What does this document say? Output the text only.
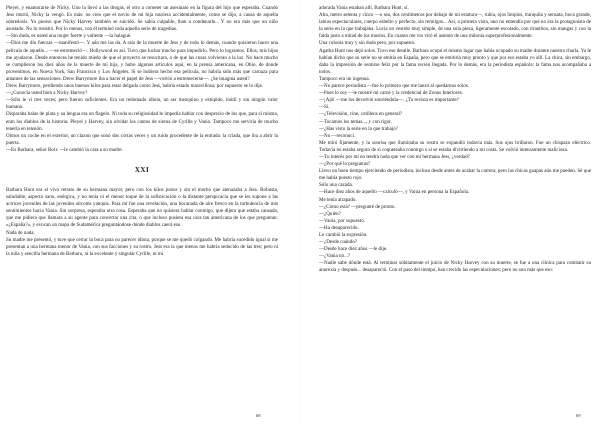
Pleyel, y enamorarse de Nicky. Uno la llevó a las drogas, el otro a cometer un asesinato en la figura del hijo que esperaba. Cuando Jess murió, Nicky la vengó. Es más: no creo que el novio de mi hija muriera accidentalmente, como se dijo, a causa de aquella sobredosis. Yo pienso que Nicky Harvey también se suicidó. Se sabía culpable, iban a condenarle... Y no era más que un niño asustado. No lo resistió. Por lo menos, con él terminó toda aquella serie de tragedias.

—Sin duda, es usted una mujer fuerte y valiente —la halagué.

—Dios me dio fuerzas —manifestó—. Y aún me las da. A raíz de la muerte de Jess y de todo lo demás, cuando quisieron hacer una película de aquello... —se estremeció—. Hollywood es así. Tuvo que luchar mucho para impedirlo. Pero lo logramos. Ellos, mis hijos me ayudaron. Desde entonces he tenido miedo de que el proyecto se resucitara, o de que las cosas volvieran a la luz. No hace mucho se cumplieron los diez años de la muerte de mi hija, y hubo algunos artículos aquí, en la prensa americana, en Ohio, de donde provenimos, en Nueva York, San Francisco y Los Ángeles. Si se hubiera hecho esa película, no habría sido más que carnaza para amantes de las sensaciones. Drew Barrymore iba a hacer el papel de Jess —volvió a estremecerse—. ¿Se imagina usted?

Drew Barrymore, perdiendo unos buenos kilos para estar delgada como Jess, habría estado maravillosa; por supuesto se lo dije.

—¿Conocía usted bien a Nicky Harvey?

—Sólo le vi tres veces; pero fueron suficientes. Era un redomado idiota, un ser mezquino y estúpido, inútil y sin ningún valor humano.

Disparaba balas de plata y su lengua era un flagelo. Ni toda su religiosidad le impedía hablar con desprecio de los que, para sí misma, eran los diablos de la historia: Pleyel y Harvey, sin olvidar los cantos de sirena de Cyrille y Vania. Tampoco me serviría de mucho tenerla en tensión.

Oímos un coche en el exterior, un claxon que sonó dos cortas veces y un ruido procedente de la entrada: la criada, que iba a abrir la puerta.

—Es Barbara, señor Boix —le cambió la cara a su madre.

XXI

Barbara Hunt era el vivo retrato de su hermana mayor, pero con los kilos justos y sin el morbo que atenazaba a Jess. Robusta, saludable, aspecto sano, enérgica, y no tenía ni el menor toque de la sofisticación o la distante perspicacia que se les supone a las actrices juveniles de las juveniles sitcoms yanquis. Para mí fue una revelación, una bocanada de aire fresco en la turbulencia de mis sentimientos hacia Vania. Sin sorpresa, esperaba otra cosa. Esperaba que no quisiera hablar conmigo, que dijera que estaba cansada, que me pidiera que llamara a su agente para concertar una cita, o que incluso pusiera esa cara tan americana de los que preguntan: «¿España?», y evocan un mapa de Sudamérica preguntándose dónde diablos caerá eso.

Nada de nada.

Su madre me presentó, y tuve que cerrar la boca para no parecer idiota, porque se me quedó colgando. Me habría sucedido igual si me presentan a una hermana menor de Vania, con sus facciones y su rostro. Jess era la que menos me habría seducido de las tres; pero ni la niña y sencilla hermana de Barbara, ni la excelente y singular Cyrille, ni mi

68

adorada Vania estaban allí. Barbara Hunt, sí.

Alta, metro setenta y cinco —o sea, dos centímetros por debajo de mi estatura—, rubia, ojos limpios, tranquila y sensata, boca grande, labios espectaculares, cuerpo esbelto y perfecto, sin remilgos... Así, a primera vista, uno no entendía por qué no era la protagonista de la serie en la que trabajaba. Lucía un vestido muy simple, de una sola pieza, ligeramente escotado, con tirantitos, sin mangas y con la falda justo a mitad de los muslos. En cuanto me vio viró el asiento de una milonia superprofesionalmente.

Una colonia muy y sin duda pero, por supuesto.

Agatha Hunt nos dejó solos. Tuvo ese detalle. Barbara ocupó el mismo lugar que había ocupado su madre durante nuestra charla. Ya le habían dicho que su serie no se emitía en España, pero que se emitiría muy pronto y que por eso estaba yo allí. La chica, sin embargo, daba la impresión de sentirse feliz por la fama recién llegada. Por lo demás, era la periodista española: la fama nos acompañaba a todos.

Tampoco era un ingenua.

—No parece periodista —fue lo primero que me lanzó al quedarnos solos.

—Pues lo soy —le mostré mi carné y la credencial de Zonas Interiores.

—¡Ajá! —me los devolvió sonriéndola—. ¿Tu revista es importante?

—Sí.

—¿Televisión, cine, cotilleos en general?

—Tocamos los temas..., y con rigor.

—¿Has visto la serie en la que trabajo?

—No —reconocí.

Me miró fijamente, y la sonrisa que iluminaba su rostro se expandió todavía más. Sus ojos brillaron. Fue un chispazo eléctrico. Todavía no estaba seguro de si coqueteaba conmigo o si se estaba divirtiendo a mi costa. Se volvió intensamente maliciosa.

—Tu interés por mí no tendrá nada que ver con mi hermana Jess, ¿verdad?

—¿Por qué lo preguntas?

Llevo un buen tiempo ejerciendo de periodista, incluso desde antes de acabar la carrera; pero las chicas guapas aún me pueden. Sé que me había puesto rojo.

Sólo una cazada.

—Hace diez años de aquello —calculó—, y Vania en persona la Española.

Me tenía atrapado.

—¿Cómo está? —pregunté de pronto.

—¿Quién?

—Vania, por supuesto.

—Ha desaparecido.

Le cambió la expresión.

—¿Desde cuándo?

—Desde hace diez años —le dije.

—¿Vania no...?

—Nadie sabe dónde está. Al terminar súbitamente el juicio de Nicky Harvey con su muerte, se fue a una clínica para combatir su anorexia y después... desapareció. Con el paso del tiempo, han crecido las especulaciones; pero no son más que eso:

69
